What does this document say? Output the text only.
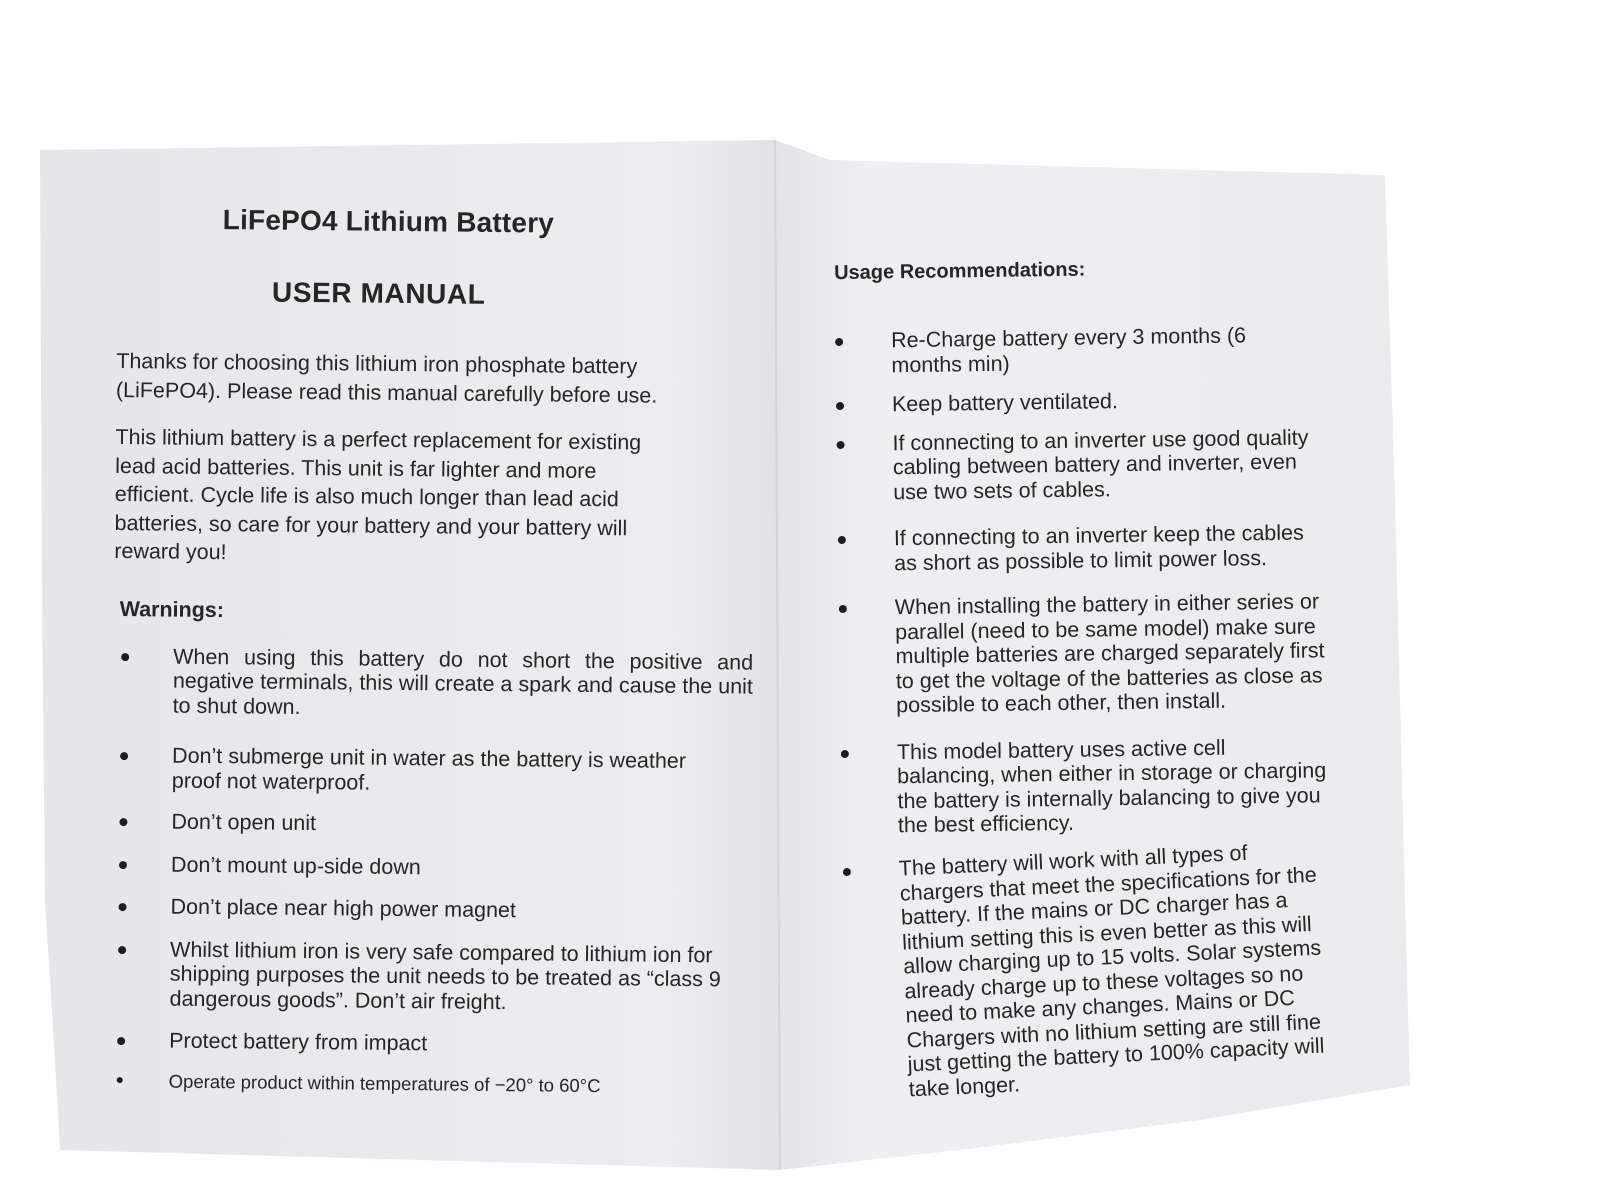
LiFePO4 Lithium Battery
USER MANUAL

Thanks for choosing this lithium iron phosphate battery (LiFePO4). Please read this manual carefully before use.

This lithium battery is a perfect replacement for existing lead acid batteries. This unit is far lighter and more efficient. Cycle life is also much longer than lead acid batteries, so care for your battery and your battery will reward you!

Warnings:
When using this battery do not short the positive and negative terminals, this will create a spark and cause the unit to shut down.
Don’t submerge unit in water as the battery is weather proof not waterproof.
Don’t open unit
Don’t mount up-side down
Don’t place near high power magnet
Whilst lithium iron is very safe compared to lithium ion for shipping purposes the unit needs to be treated as “class 9 dangerous goods”. Don’t air freight.
Protect battery from impact
Operate product within temperatures of −20° to 60°C
Usage Recommendations:
Re-Charge battery every 3 months (6 months min)
Keep battery ventilated.
If connecting to an inverter use good quality cabling between battery and inverter, even use two sets of cables.
If connecting to an inverter keep the cables as short as possible to limit power loss.
When installing the battery in either series or parallel (need to be same model) make sure multiple batteries are charged separately first to get the voltage of the batteries as close as possible to each other, then install.
This model battery uses active cell balancing, when either in storage or charging the battery is internally balancing to give you the best efficiency.
The battery will work with all types of chargers that meet the specifications for the battery. If the mains or DC charger has a lithium setting this is even better as this will allow charging up to 15 volts. Solar systems already charge up to these voltages so no need to make any changes. Mains or DC Chargers with no lithium setting are still fine just getting the battery to 100% capacity will take longer.
